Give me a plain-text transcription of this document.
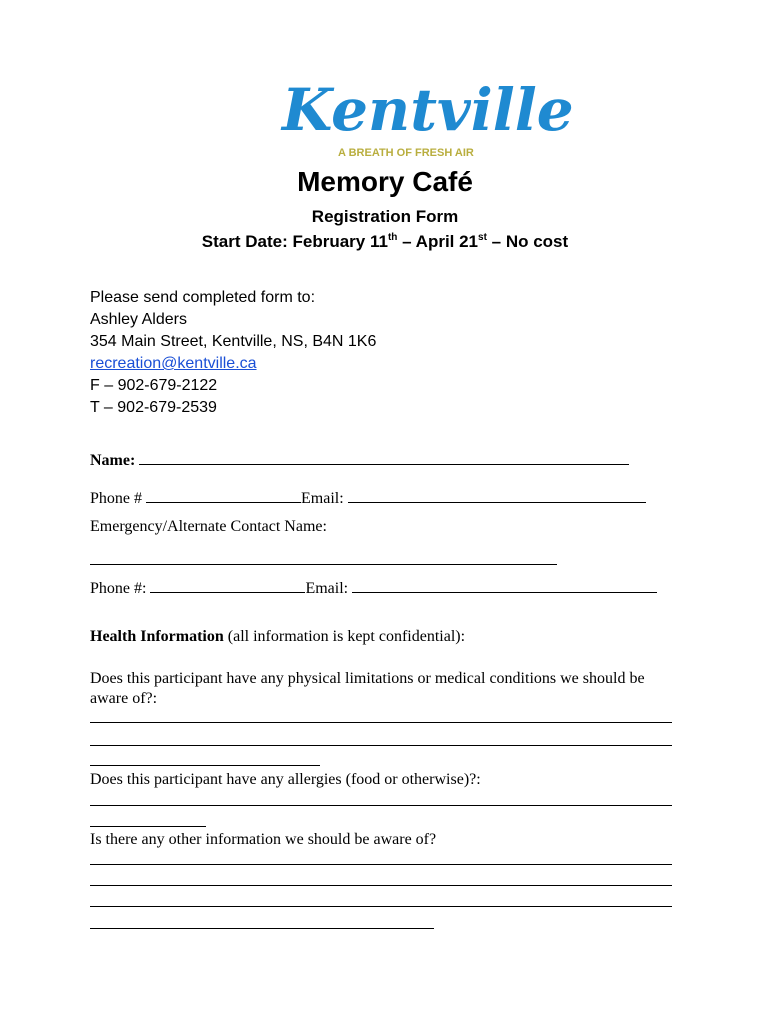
Kentville
A BREATH OF FRESH AIR
Memory Café
Registration Form
Start Date: February 11th – April 21st – No cost
Please send completed form to:
Ashley Alders
354 Main Street, Kentville, NS, B4N 1K6
recreation@kentville.ca
F – 902-679-2122
T – 902-679-2539
Name:
Phone #	Email:
Emergency/Alternate Contact Name:
Phone #:	Email:
Health Information (all information is kept confidential):
Does this participant have any physical limitations or medical conditions we should be aware of?:
Does this participant have any allergies (food or otherwise)?:
Is there any other information we should be aware of?
